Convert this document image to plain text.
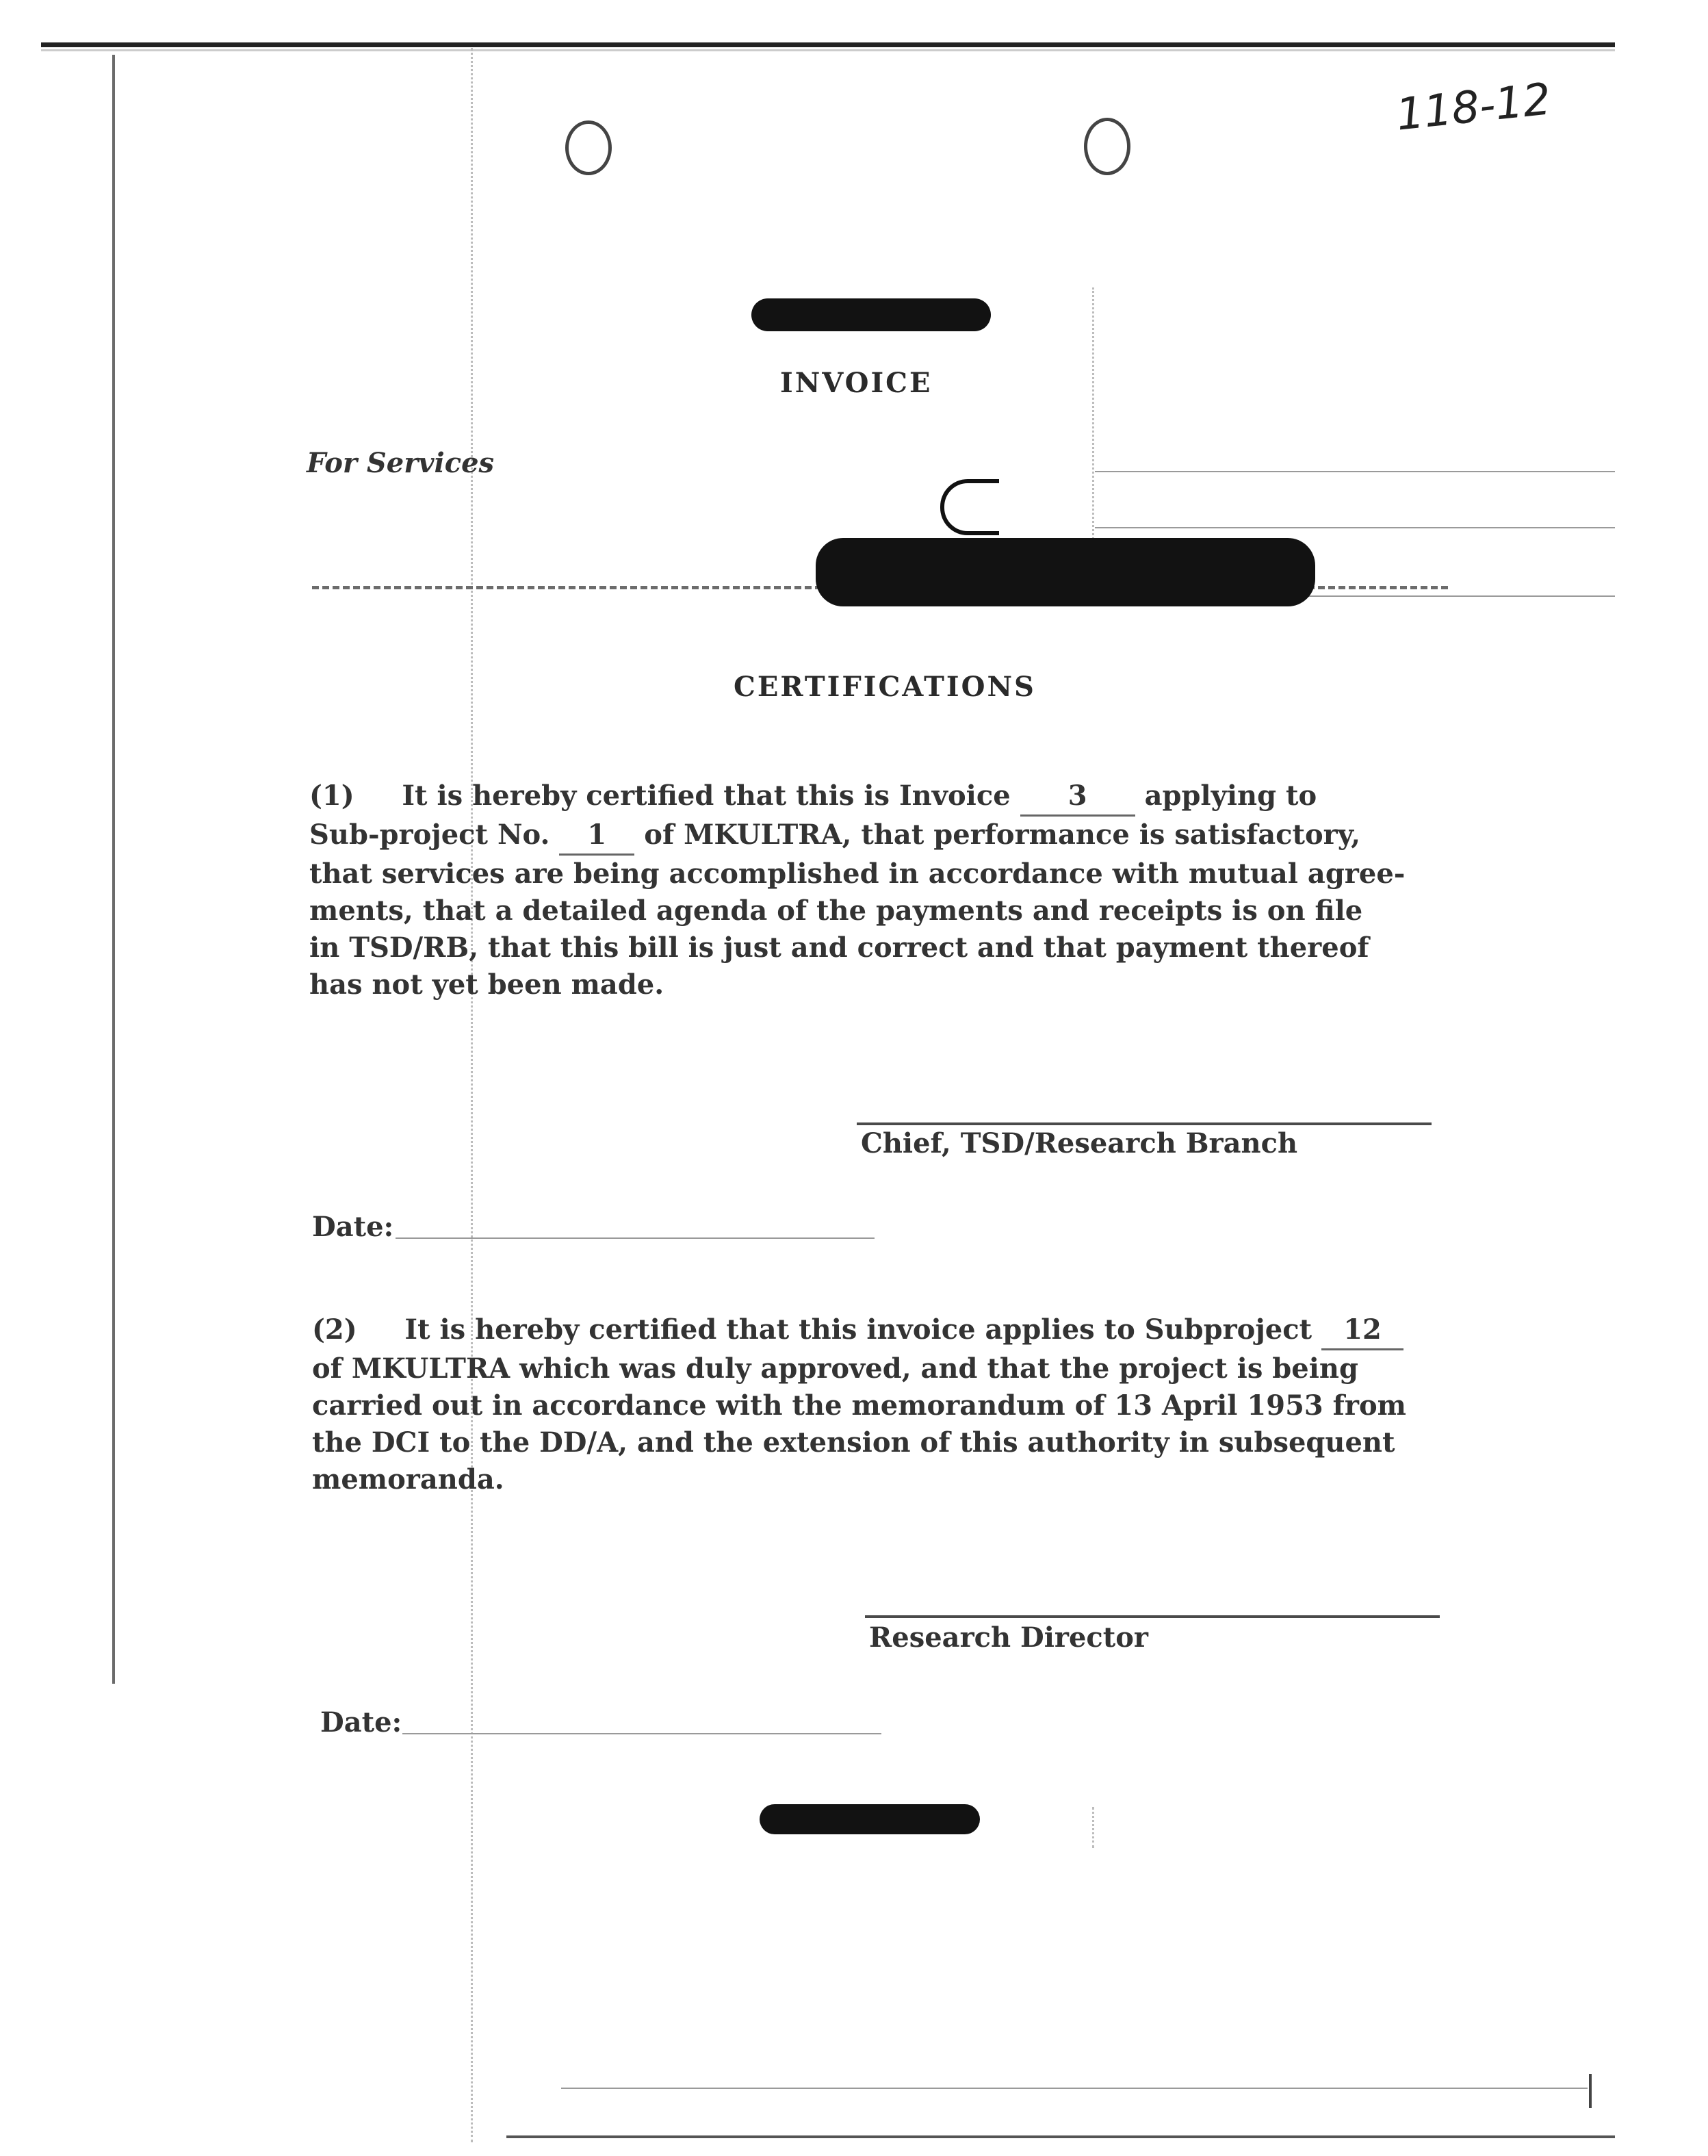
118-12
INVOICE
For Services
CERTIFICATIONS
(1) It is hereby certified that this is Invoice 3 applying to
Sub-project No. 1 of MKULTRA, that performance is satisfactory,
that services are being accomplished in accordance with mutual agree-
ments, that a detailed agenda of the payments and receipts is on file
in TSD/RB, that this bill is just and correct and that payment thereof
has not yet been made.
Chief, TSD/Research Branch
Date:
(2) It is hereby certified that this invoice applies to Subproject 12
of MKULTRA which was duly approved, and that the project is being
carried out in accordance with the memorandum of 13 April 1953 from
the DCI to the DD/A, and the extension of this authority in subsequent
memoranda.
Research Director
Date:
